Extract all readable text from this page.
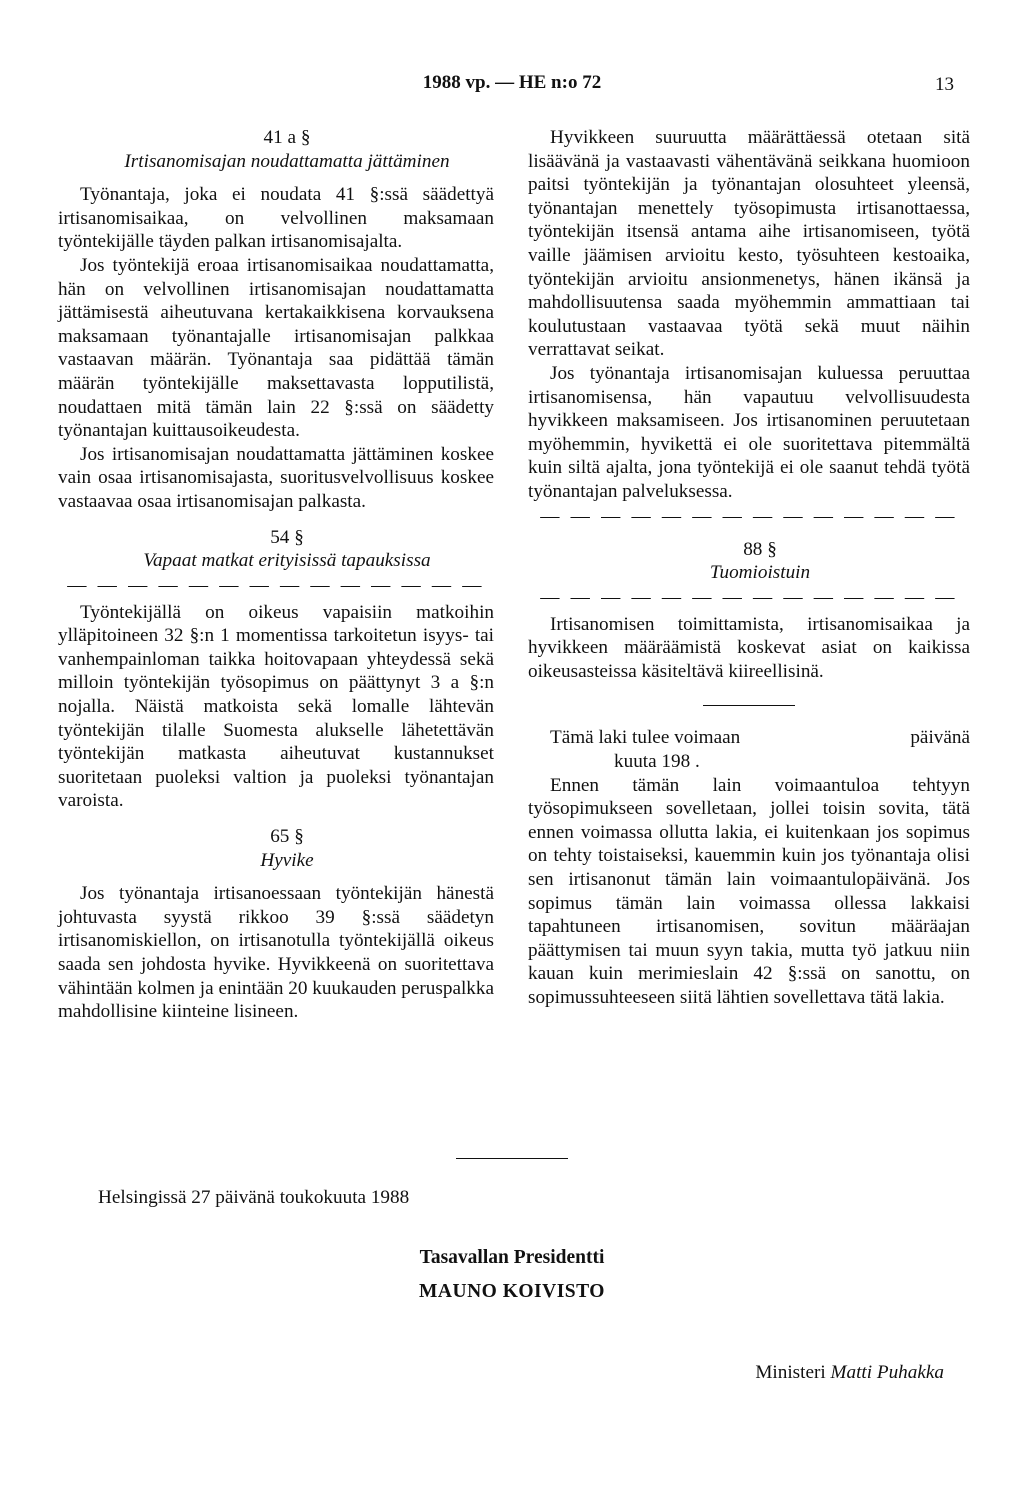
1988 vp. — HE n:o 72	13

41 a §

Irtisanomisajan noudattamatta jättäminen

Työnantaja, joka ei noudata 41 §:ssä säädettyä irtisanomisaikaa, on velvollinen maksamaan työntekijälle täyden palkan irtisanomisajalta.

Jos työntekijä eroaa irtisanomisaikaa noudattamatta, hän on velvollinen irtisanomisajan noudattamatta jättämisestä aiheutuvana kertakaikkisena korvauksena maksamaan työnantajalle irtisanomisajan palkkaa vastaavan määrän. Työnantaja saa pidättää tämän määrän työntekijälle maksettavasta lopputilistä, noudattaen mitä tämän lain 22 §:ssä on säädetty työnantajan kuittausoikeudesta.

Jos irtisanomisajan noudattamatta jättäminen koskee vain osaa irtisanomisajasta, suoritusvelvollisuus koskee vastaavaa osaa irtisanomisajan palkasta.

54 §

Vapaat matkat erityisissä tapauksissa

— — — — — — — — — — — — — —

Työntekijällä on oikeus vapaisiin matkoihin ylläpitoineen 32 §:n 1 momentissa tarkoitetun isyys- tai vanhempainloman taikka hoitovapaan yhteydessä sekä milloin työntekijän työsopimus on päättynyt 3 a §:n nojalla. Näistä matkoista sekä lomalle lähtevän työntekijän tilalle Suomesta alukselle lähetettävän työntekijän matkasta aiheutuvat kustannukset suoritetaan puoleksi valtion ja puoleksi työnantajan varoista.

65 §

Hyvike

Jos työnantaja irtisanoessaan työntekijän hänestä johtuvasta syystä rikkoo 39 §:ssä säädetyn irtisanomiskiellon, on irtisanotulla työntekijällä oikeus saada sen johdosta hyvike. Hyvikkeenä on suoritettava vähintään kolmen ja enintään 20 kuukauden peruspalkka mahdollisine kiinteine lisineen.

Hyvikkeen suuruutta määrättäessä otetaan sitä lisäävänä ja vastaavasti vähentävänä seikkana huomioon paitsi työntekijän ja työnantajan olosuhteet yleensä, työnantajan menettely työsopimusta irtisanottaessa, työntekijän itsensä antama aihe irtisanomiseen, työtä vaille jäämisen arvioitu kesto, työsuhteen kestoaika, työntekijän arvioitu ansionmenetys, hänen ikänsä ja mahdollisuutensa saada myöhemmin ammattiaan tai koulutustaan vastaavaa työtä sekä muut näihin verrattavat seikat.

Jos työnantaja irtisanomisajan kuluessa peruuttaa irtisanomisensa, hän vapautuu velvollisuudesta hyvikkeen maksamiseen. Jos irtisanominen peruutetaan myöhemmin, hyvikettä ei ole suoritettava pitemmältä kuin siltä ajalta, jona työntekijä ei ole saanut tehdä työtä työnantajan palveluksessa.

— — — — — — — — — — — — — —

88 §

Tuomioistuin

— — — — — — — — — — — — — —

Irtisanomisen toimittamista, irtisanomisaikaa ja hyvikkeen määräämistä koskevat asiat on kaikissa oikeusasteissa käsiteltävä kiireellisinä.

Tämä laki tulee voimaan	päivänä
kuuta 198 .

Ennen tämän lain voimaantuloa tehtyyn työsopimukseen sovelletaan, jollei toisin sovita, tätä ennen voimassa ollutta lakia, ei kuitenkaan jos sopimus on tehty toistaiseksi, kauemmin kuin jos työnantaja olisi sen irtisanonut tämän lain voimaantulopäivänä. Jos sopimus tämän lain voimassa ollessa lakkaisi tapahtuneen irtisanomisen, sovitun määräajan päättymisen tai muun syyn takia, mutta työ jatkuu niin kauan kuin merimieslain 42 §:ssä on sanottu, on sopimussuhteeseen siitä lähtien sovellettava tätä lakia.

Helsingissä 27 päivänä toukokuuta 1988
Tasavallan Presidentti
MAUNO KOIVISTO
Ministeri Matti Puhakka
